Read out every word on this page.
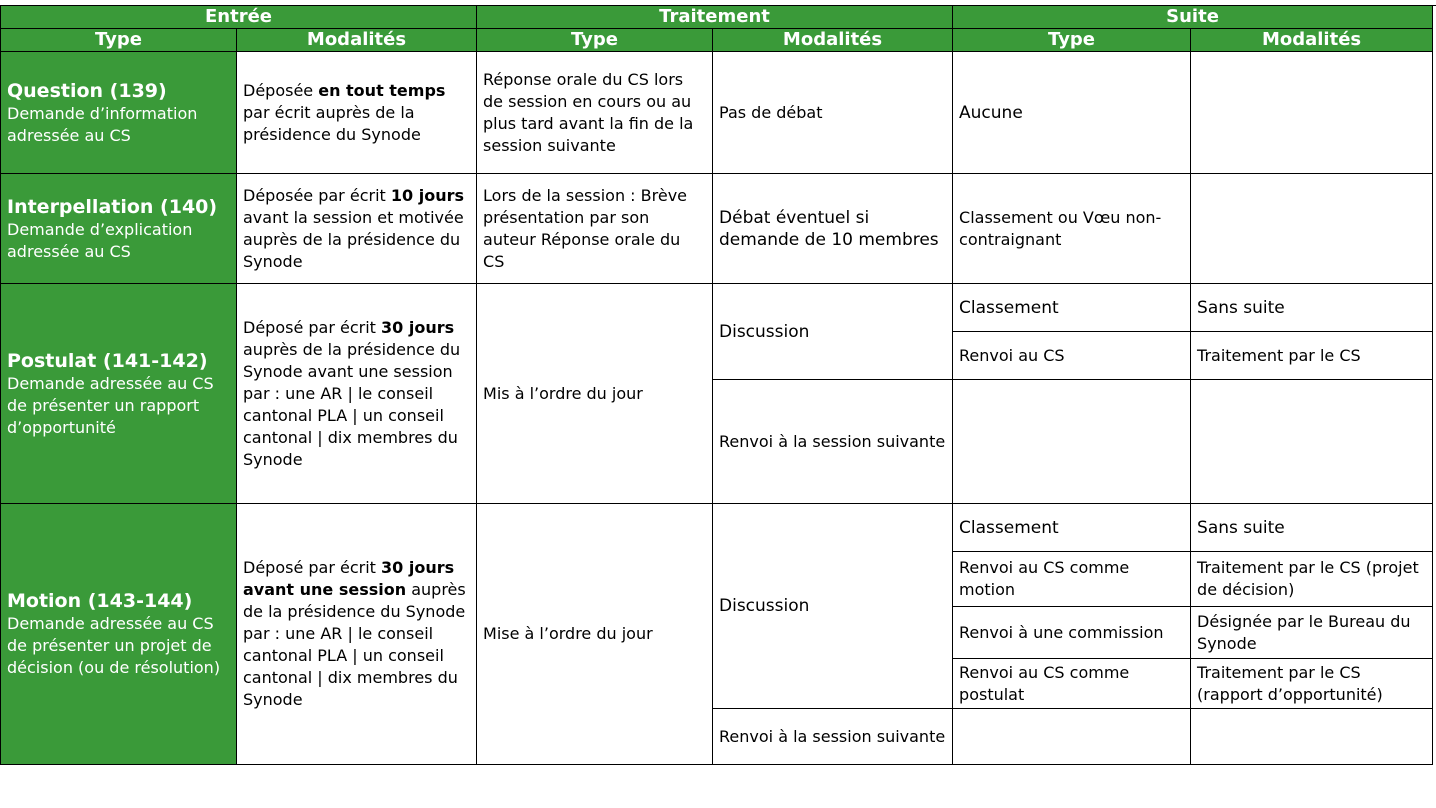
Entrée		Traitement		Suite	
Type	Modalités	Type	Modalités	Type	Modalités

Question (139)
Demande d’information adressée au CS	Déposée en tout temps par écrit auprès de la présidence du Synode	Réponse orale du CS lors de session en cours ou au plus tard avant la fin de la session suivante	Pas de débat	Aucune	

Interpellation (140)
Demande d’explication adressée au CS	Déposée par écrit 10 jours avant la session et motivée auprès de la présidence du Synode	Lors de la session : Brève présentation par son auteur Réponse orale du CS	Débat éventuel si demande de 10 membres	Classement ou Vœu non-contraignant	

Postulat (141-142)
Demande adressée au CS de présenter un rapport d’opportunité	Déposé par écrit 30 jours auprès de la présidence du Synode avant une session par : une AR | le conseil cantonal PLA | un conseil cantonal | dix membres du Synode	Mis à l’ordre du jour	Discussion	Classement	Sans suite
				Renvoi au CS	Traitement par le CS
			Renvoi à la session suivante		

Motion (143-144)
Demande adressée au CS de présenter un projet de décision (ou de résolution)	Déposé par écrit 30 jours avant une session auprès de la présidence du Synode par : une AR | le conseil cantonal PLA | un conseil cantonal | dix membres du Synode	Mise à l’ordre du jour	Discussion	Classement	Sans suite
				Renvoi au CS comme motion	Traitement par le CS (projet de décision)
				Renvoi à une commission	Désignée par le Bureau du Synode
				Renvoi au CS comme postulat	Traitement par le CS (rapport d’opportunité)
			Renvoi à la session suivante		
